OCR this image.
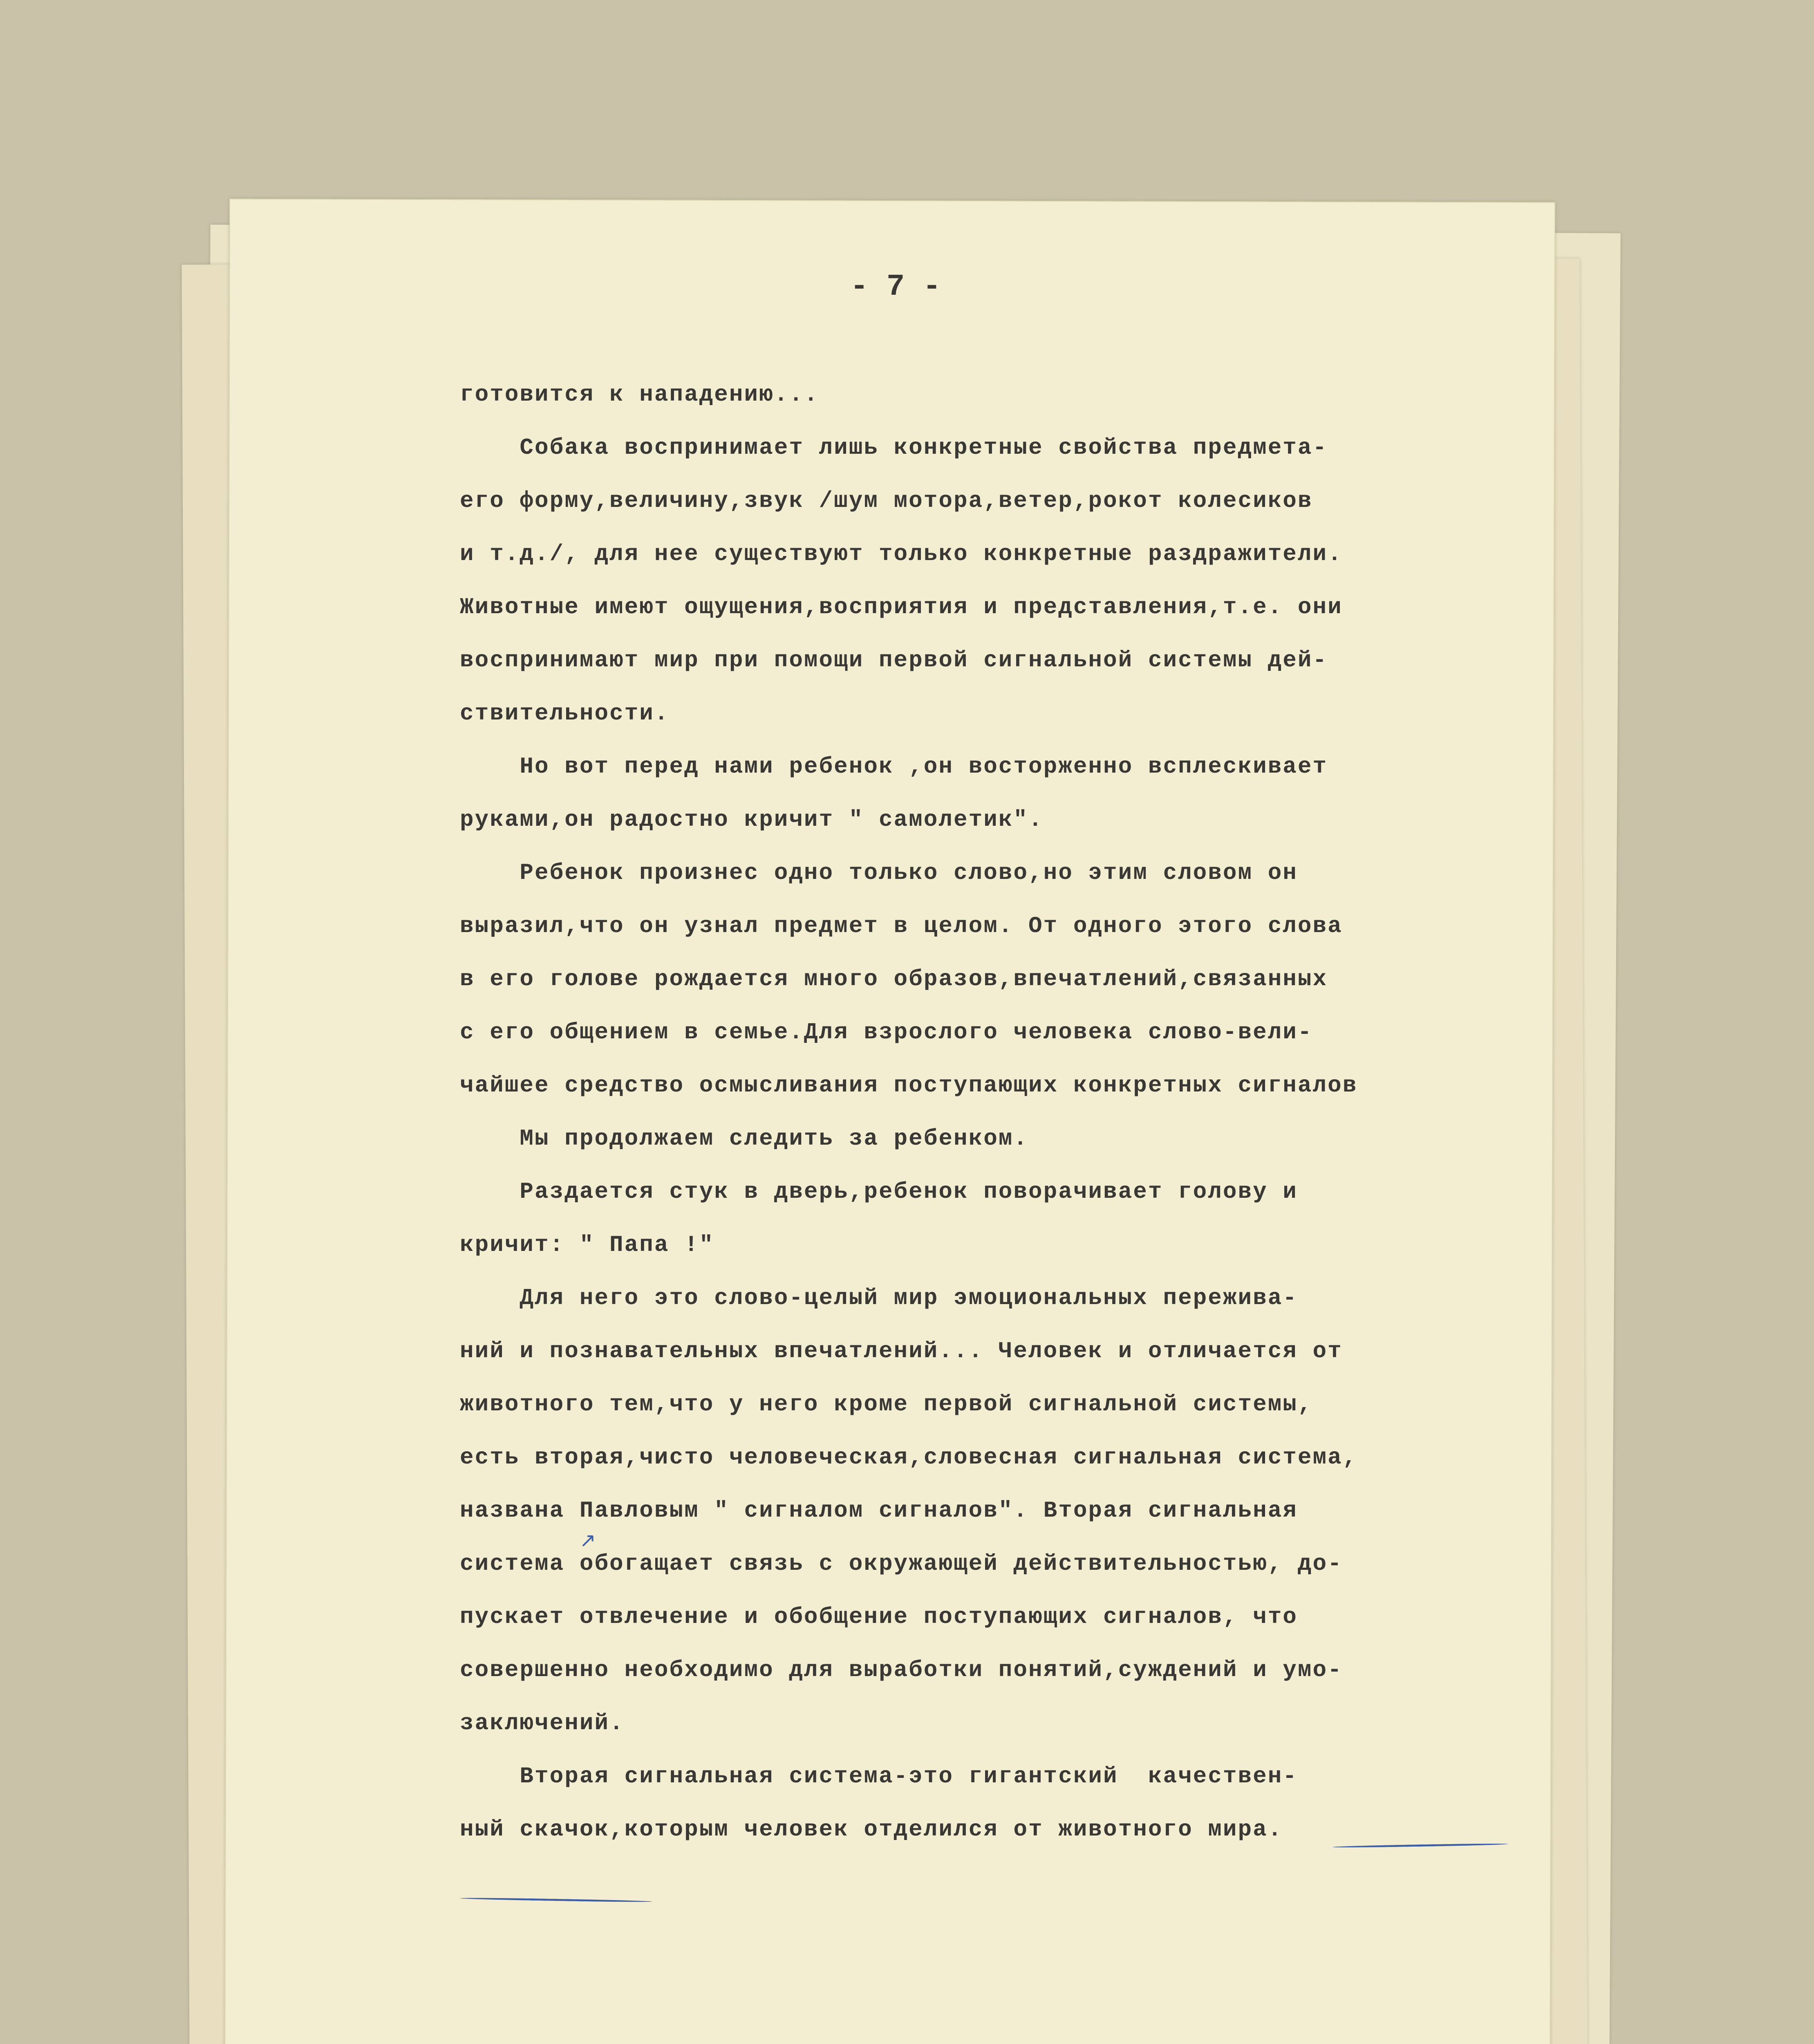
- 7 -
готовится к нападению...
Собака воспринимает лишь конкретные свойства предмета-
его форму,величину,звук /шум мотора,ветер,рокот колесиков
и т.д./, для нее существуют только конкретные раздражители.
Животные имеют ощущения,восприятия и представления,т.е. они
воспринимают мир при помощи первой сигнальной системы дей-
ствительности.
Но вот перед нами ребенок ,он восторженно всплескивает
руками,он радостно кричит " самолетик".
Ребенок произнес одно только слово,но этим словом он
выразил,что он узнал предмет в целом. От одного этого слова
в его голове рождается много образов,впечатлений,связанных
с его общением в семье.Для взрослого человека слово-вели-
чайшее средство осмысливания поступающих конкретных сигналов
Мы продолжаем следить за ребенком.
Раздается стук в дверь,ребенок поворачивает голову и
кричит: " Папа !"
Для него это слово-целый мир эмоциональных пережива-
ний и познавательных впечатлений... Человек и отличается от
животного тем,что у него кроме первой сигнальной системы,
есть вторая,чисто человеческая,словесная сигнальная система,
названа Павловым " сигналом сигналов". Вторая сигнальная
система обогащает связь с окружающей действительностью, до-
пускает отвлечение и обобщение поступающих сигналов, что
совершенно необходимо для выработки понятий,суждений и умо-
заключений.
Вторая сигнальная система-это гигантский  качествен-
ный скачок,которым человек отделился от животного мира.
↗
